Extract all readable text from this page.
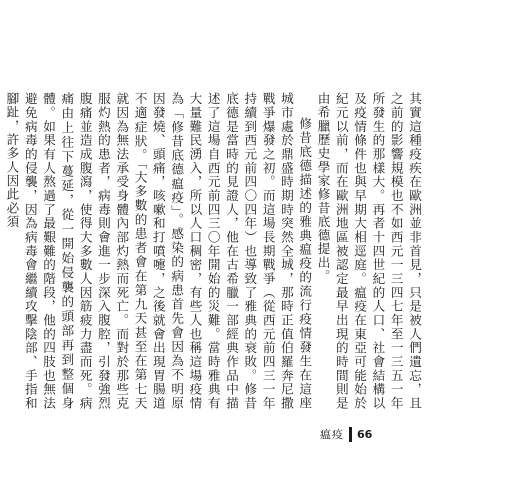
其實這種疫疾在歐洲並非首見，只是被人們遺忘，且之前的影響規模也不如西元一三四七年至一三五一年所發生的那樣大。再者十四世紀的人口、社會結構以及疫情條件也與早期大相逕庭。瘟疫在東亞可能始於紀元以前，而在歐洲地區被認定最早出現的時間則是由希臘歷史學家修昔底德提出。

修昔底德描述的雅典瘟疫的流行疫情發生在這座城市處於鼎盛時期時突然全城，那時正值伯羅奔尼撒戰爭爆發之初。而這場長期戰爭（從西元前四三一年持續到西元前四〇四年）也導致了雅典的衰敗。修昔底德是當時的見證人，他在古希臘一部經典作品中描述了這場自西元前四三〇年開始的災難。當時雅典有大量難民湧入，所以人口稠密，有些人也稱這場疫情為「修昔底德瘟疫」。感染的病患首先會因為不明原因發燒、頭痛，咳嗽和打噴嚏，之後就會出現胃腸道不適症狀。「大多數的患者會在第九天甚至在第七天就因為無法承受身體內部灼熱而死亡。而對於那些克服灼熱的患者，病毒則會進一步深入腹腔，引發強烈腹痛並造成腹瀉，使得大多數人因筋疲力盡而死。病痛由上往下蔓延，從一開始侵襲的頭部再到整個身體。如果有人熬過了最艱難的階段，他的四肢也無法避免病毒的侵襲，因為病毒會繼續攻擊陰部、手指和腳趾，許多人因此必須

瘟疫 66
